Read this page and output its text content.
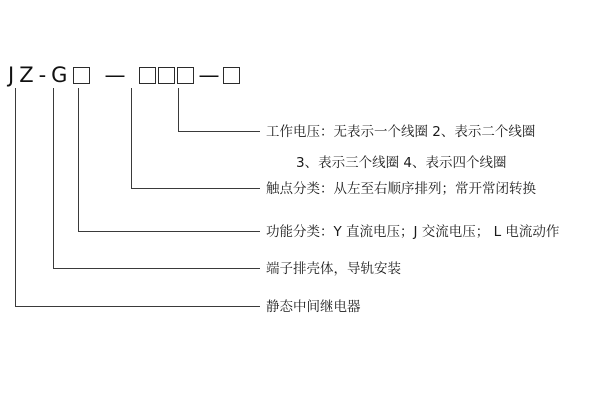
J Z - G —	—
工作电压：无表示一个线圈 2、表示二个线圈
3、表示三个线圈 4、表示四个线圈
触点分类：从左至右顺序排列；常开常闭转换
功能分类：Y 直流电压；J 交流电压； L 电流动作
端子排壳体，导轨安装
静态中间继电器
